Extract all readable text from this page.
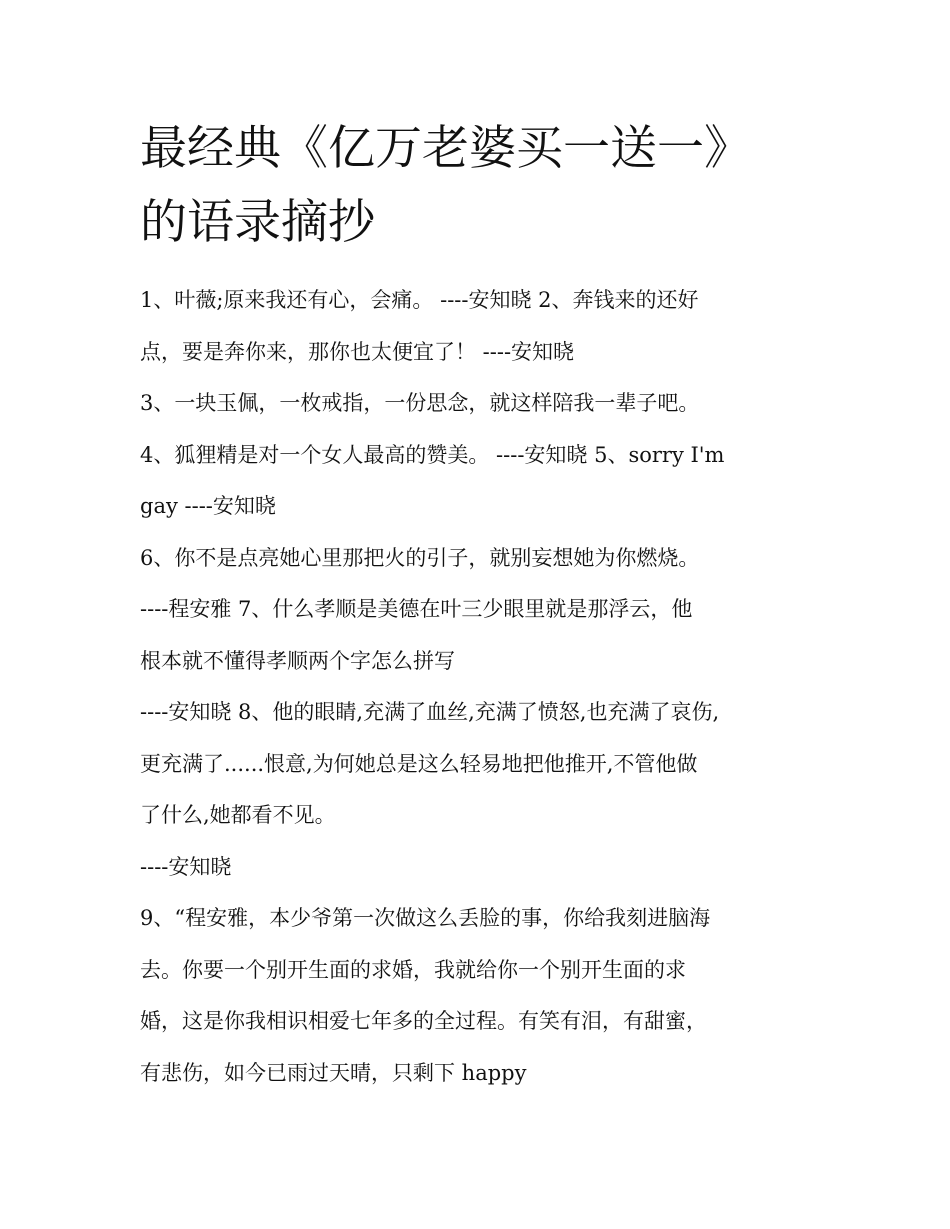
最经典《亿万老婆买一送一》
的语录摘抄
1、叶薇;原来我还有心，会痛。 ----安知晓 2、奔钱来的还好
点，要是奔你来，那你也太便宜了！ ----安知晓
3、一块玉佩，一枚戒指，一份思念，就这样陪我一辈子吧。
4、狐狸精是对一个女人最高的赞美。 ----安知晓 5、sorry I'm
gay ----安知晓
6、你不是点亮她心里那把火的引子，就别妄想她为你燃烧。
----程安雅 7、什么孝顺是美德在叶三少眼里就是那浮云，他
根本就不懂得孝顺两个字怎么拼写
----安知晓 8、他的眼睛,充满了血丝,充满了愤怒,也充满了哀伤,
更充满了......恨意,为何她总是这么轻易地把他推开,不管他做
了什么,她都看不见。
----安知晓
9、“程安雅，本少爷第一次做这么丢脸的事，你给我刻进脑海
去。你要一个别开生面的求婚，我就给你一个别开生面的求
婚，这是你我相识相爱七年多的全过程。有笑有泪，有甜蜜，
有悲伤，如今已雨过天晴，只剩下 happy
